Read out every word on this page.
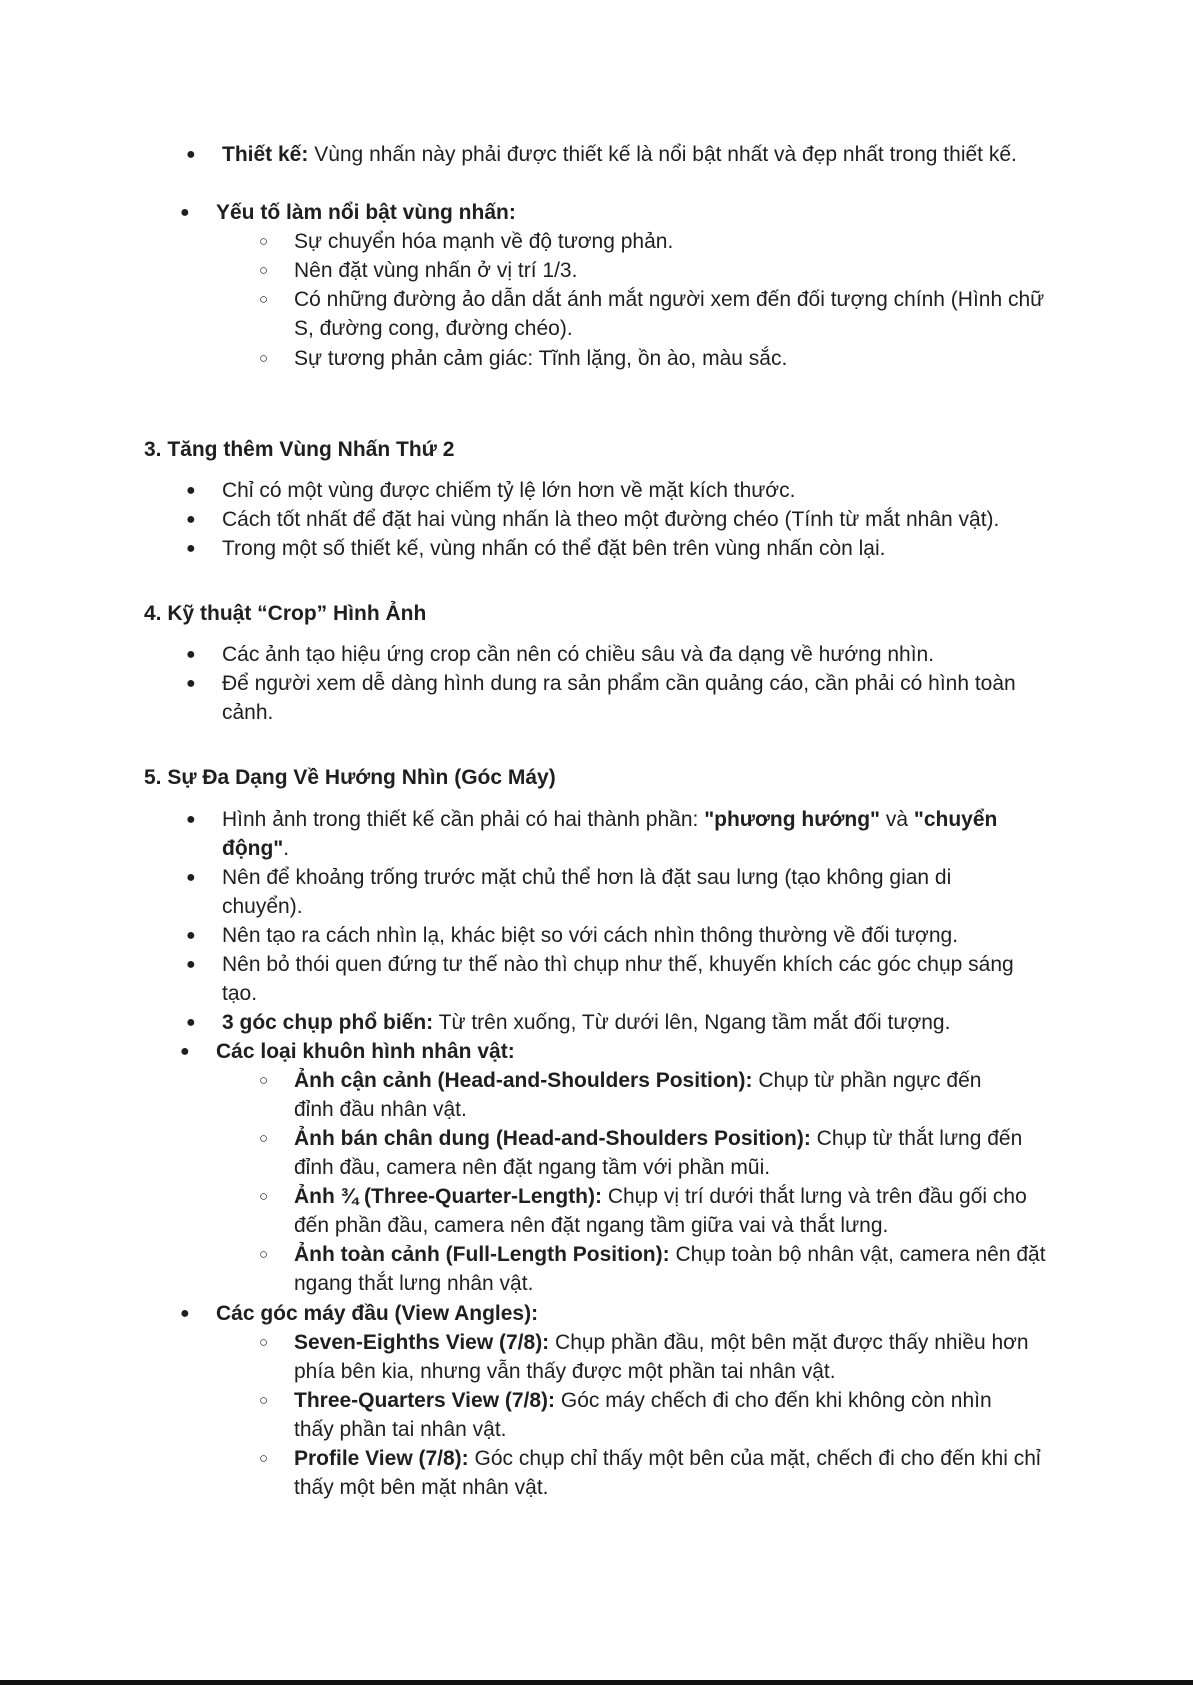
● Thiết kế: Vùng nhấn này phải được thiết kế là nổi bật nhất và đẹp nhất trong thiết kế.

● Yếu tố làm nổi bật vùng nhấn:

○ Sự chuyển hóa mạnh về độ tương phản.

○ Nên đặt vùng nhấn ở vị trí 1/3.

○ Có những đường ảo dẫn dắt ánh mắt người xem đến đối tượng chính (Hình chữ S, đường cong, đường chéo).

○ Sự tương phản cảm giác: Tĩnh lặng, ồn ào, màu sắc.

3. Tăng thêm Vùng Nhấn Thứ 2
● Chỉ có một vùng được chiếm tỷ lệ lớn hơn về mặt kích thước.

● Cách tốt nhất để đặt hai vùng nhấn là theo một đường chéo (Tính từ mắt nhân vật).

● Trong một số thiết kế, vùng nhấn có thể đặt bên trên vùng nhấn còn lại.

4. Kỹ thuật “Crop” Hình Ảnh
● Các ảnh tạo hiệu ứng crop cần nên có chiều sâu và đa dạng về hướng nhìn.

● Để người xem dễ dàng hình dung ra sản phẩm cần quảng cáo, cần phải có hình toàn cảnh.

5. Sự Đa Dạng Về Hướng Nhìn (Góc Máy)
● Hình ảnh trong thiết kế cần phải có hai thành phần: "phương hướng" và "chuyển động".

● Nên để khoảng trống trước mặt chủ thể hơn là đặt sau lưng (tạo không gian di chuyển).

● Nên tạo ra cách nhìn lạ, khác biệt so với cách nhìn thông thường về đối tượng.

● Nên bỏ thói quen đứng tư thế nào thì chụp như thế, khuyến khích các góc chụp sáng tạo.

● 3 góc chụp phổ biến: Từ trên xuống, Từ dưới lên, Ngang tầm mắt đối tượng.

● Các loại khuôn hình nhân vật:

○ Ảnh cận cảnh (Head-and-Shoulders Position): Chụp từ phần ngực đến đỉnh đầu nhân vật.

○ Ảnh bán chân dung (Head-and-Shoulders Position): Chụp từ thắt lưng đến đỉnh đầu, camera nên đặt ngang tầm với phần mũi.

○ Ảnh ¾ (Three-Quarter-Length): Chụp vị trí dưới thắt lưng và trên đầu gối cho đến phần đầu, camera nên đặt ngang tầm giữa vai và thắt lưng.

○ Ảnh toàn cảnh (Full-Length Position): Chụp toàn bộ nhân vật, camera nên đặt ngang thắt lưng nhân vật.

● Các góc máy đầu (View Angles):

○ Seven-Eighths View (7/8): Chụp phần đầu, một bên mặt được thấy nhiều hơn phía bên kia, nhưng vẫn thấy được một phần tai nhân vật.

○ Three-Quarters View (7/8): Góc máy chếch đi cho đến khi không còn nhìn thấy phần tai nhân vật.

○ Profile View (7/8): Góc chụp chỉ thấy một bên của mặt, chếch đi cho đến khi chỉ thấy một bên mặt nhân vật.
